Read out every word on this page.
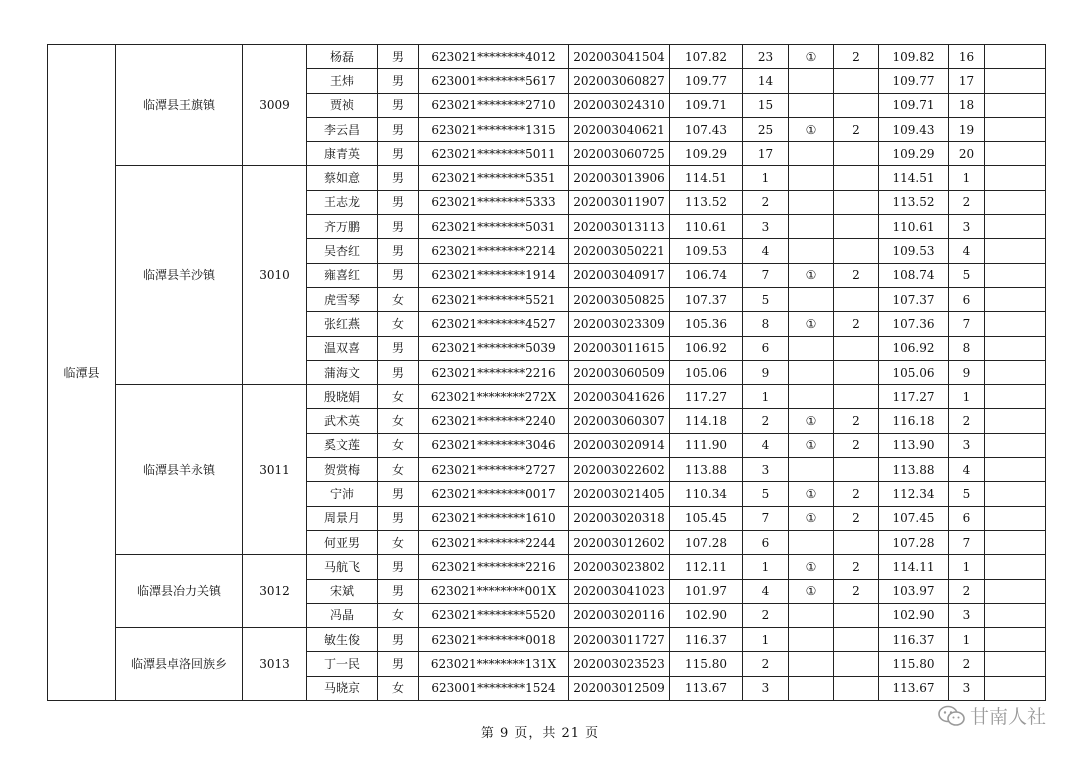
临潭县	临潭县王旗镇	3009	杨磊	男	623021********4012	202003041504	107.82	23	①	2	109.82	16	
			王炜	男	623001********5617	202003060827	109.77	14			109.77	17	
			贾祯	男	623021********2710	202003024310	109.71	15			109.71	18	
			李云昌	男	623021********1315	202003040621	107.43	25	①	2	109.43	19	
			康青英	男	623021********5011	202003060725	109.29	17			109.29	20	
	临潭县羊沙镇	3010	蔡如意	男	623021********5351	202003013906	114.51	1			114.51	1	
			王志龙	男	623021********5333	202003011907	113.52	2			113.52	2	
			齐万鹏	男	623021********5031	202003013113	110.61	3			110.61	3	
			吴杏红	男	623021********2214	202003050221	109.53	4			109.53	4	
			雍喜红	男	623021********1914	202003040917	106.74	7	①	2	108.74	5	
			虎雪琴	女	623021********5521	202003050825	107.37	5			107.37	6	
			张红燕	女	623021********4527	202003023309	105.36	8	①	2	107.36	7	
			温双喜	男	623021********5039	202003011615	106.92	6			106.92	8	
			蒲海文	男	623021********2216	202003060509	105.06	9			105.06	9	
	临潭县羊永镇	3011	殷晓娟	女	623021********272X	202003041626	117.27	1			117.27	1	
			武术英	女	623021********2240	202003060307	114.18	2	①	2	116.18	2	
			奚文莲	女	623021********3046	202003020914	111.90	4	①	2	113.90	3	
			贺赏梅	女	623021********2727	202003022602	113.88	3			113.88	4	
			宁沛	男	623021********0017	202003021405	110.34	5	①	2	112.34	5	
			周景月	男	623021********1610	202003020318	105.45	7	①	2	107.45	6	
			何亚男	女	623021********2244	202003012602	107.28	6			107.28	7	
	临潭县冶力关镇	3012	马航飞	男	623021********2216	202003023802	112.11	1	①	2	114.11	1	
			宋斌	男	623021********001X	202003041023	101.97	4	①	2	103.97	2	
			冯晶	女	623021********5520	202003020116	102.90	2			102.90	3	
	临潭县卓洛回族乡	3013	敏生俊	男	623021********0018	202003011727	116.37	1			116.37	1	
			丁一民	男	623021********131X	202003023523	115.80	2			115.80	2	
			马晓京	女	623001********1524	202003012509	113.67	3			113.67	3	
第 9 页，共 21 页
甘南人社
